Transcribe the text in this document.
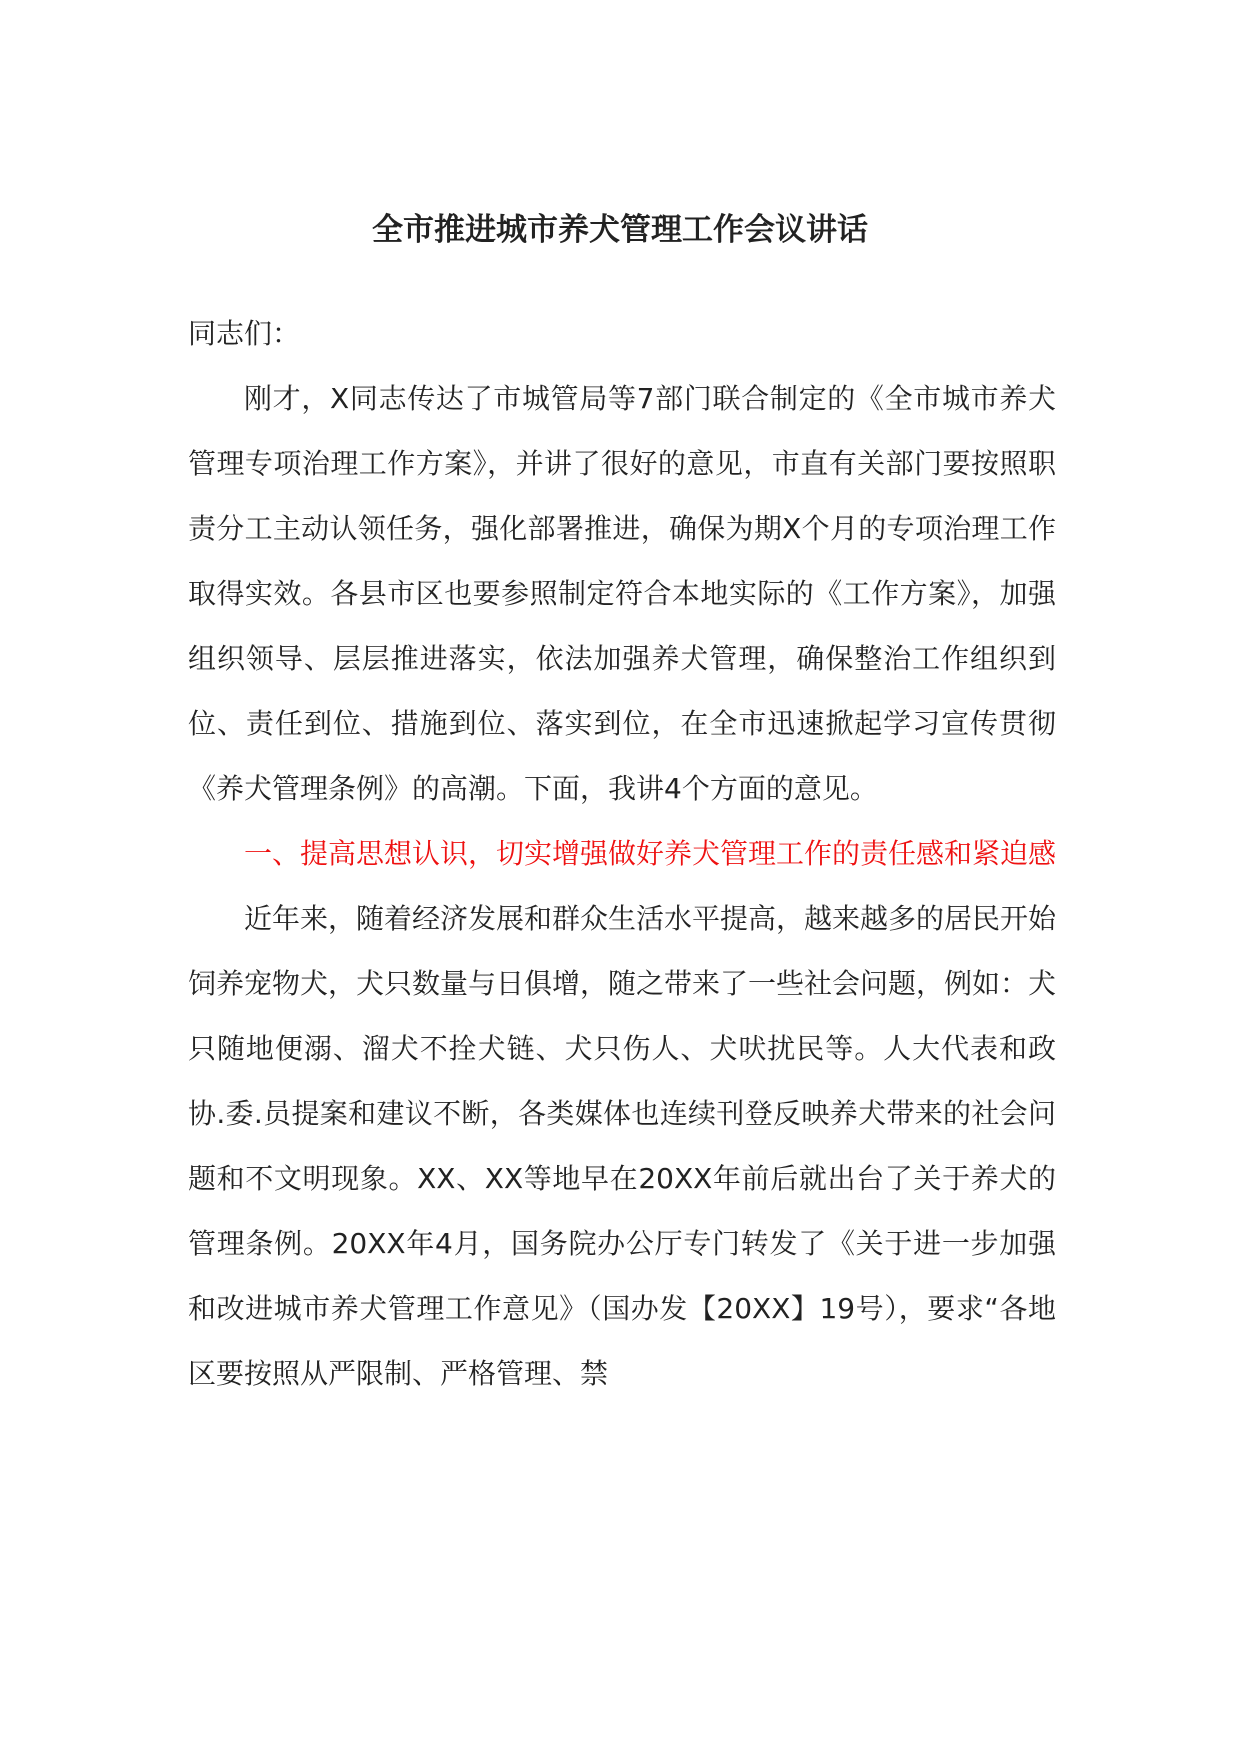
全市推进城市养犬管理工作会议讲话

同志们：

刚才，X同志传达了市城管局等7部门联合制定的《全市城市养犬管理专项治理工作方案》，并讲了很好的意见，市直有关部门要按照职责分工主动认领任务，强化部署推进，确保为期X个月的专项治理工作取得实效。各县市区也要参照制定符合本地实际的《工作方案》，加强组织领导、层层推进落实，依法加强养犬管理，确保整治工作组织到位、责任到位、措施到位、落实到位，在全市迅速掀起学习宣传贯彻《养犬管理条例》的高潮。下面，我讲4个方面的意见。

一、提高思想认识，切实增强做好养犬管理工作的责任感和紧迫感

近年来，随着经济发展和群众生活水平提高，越来越多的居民开始饲养宠物犬，犬只数量与日俱增，随之带来了一些社会问题，例如：犬只随地便溺、溜犬不拴犬链、犬只伤人、犬吠扰民等。人大代表和政协.委.员提案和建议不断，各类媒体也连续刊登反映养犬带来的社会问题和不文明现象。XX、XX等地早在20XX年前后就出台了关于养犬的管理条例。20XX年4月，国务院办公厅专门转发了《关于进一步加强和改进城市养犬管理工作意见》（国办发【20XX】19号），要求“各地区要按照从严限制、严格管理、禁
